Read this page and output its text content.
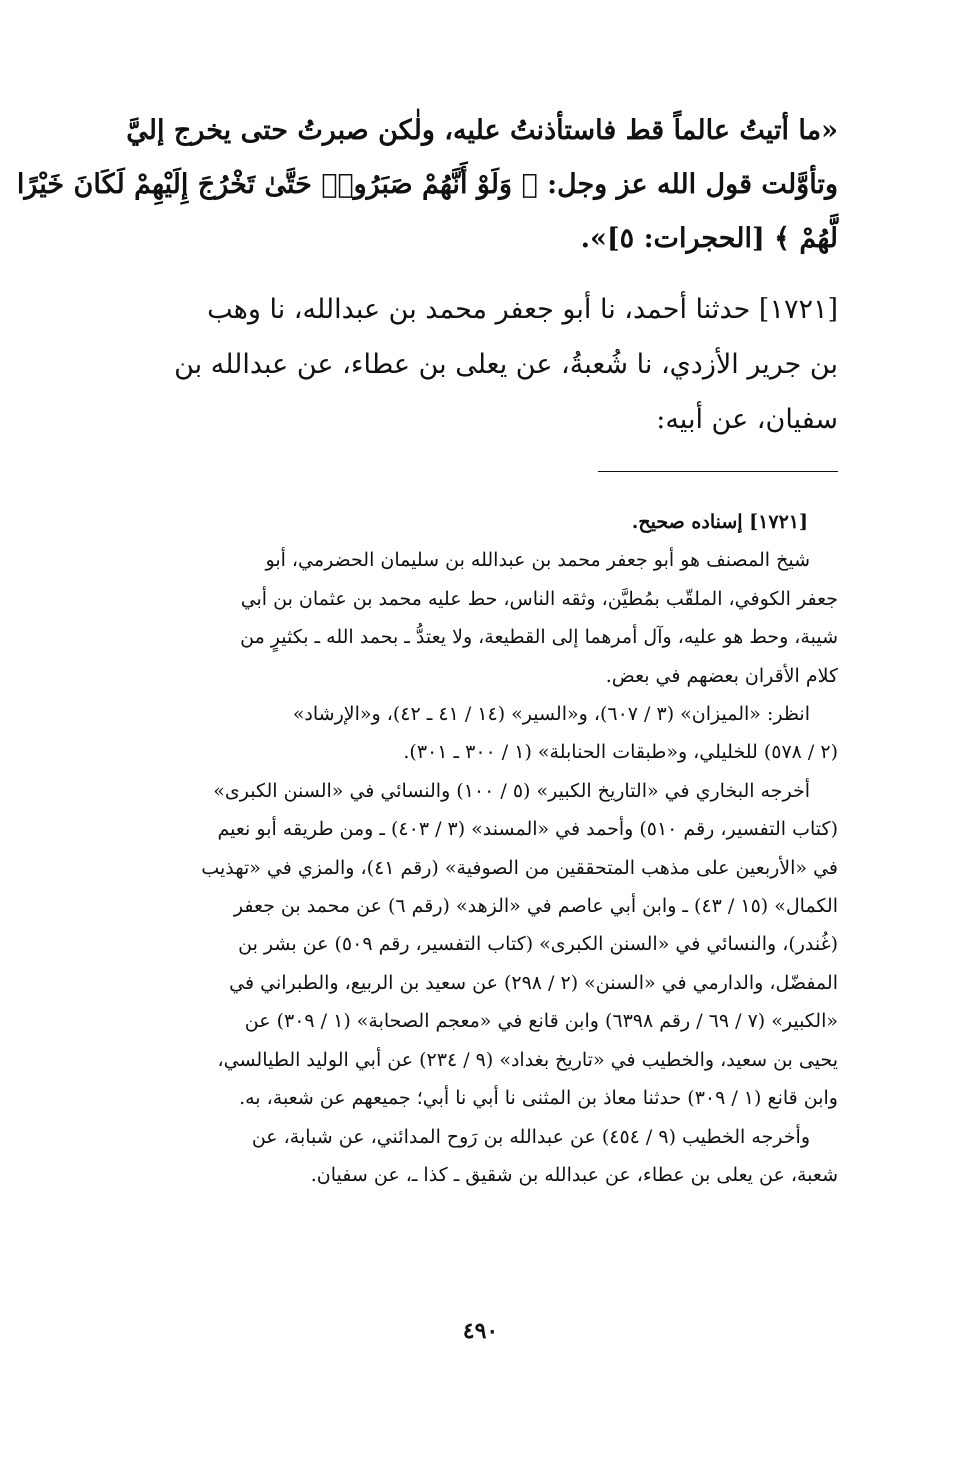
«ما أتيتُ عالماً قط فاستأذنتُ عليه، ولٰكن صبرتُ حتى يخرج إليَّ
وتأوَّلت قول الله عز وجل: ﴿ وَلَوْ أَنَّهُمْ صَبَرُوا۟ حَتَّىٰ تَخْرُجَ إِلَيْهِمْ لَكَانَ خَيْرًا
لَّهُمْ ﴾ [الحجرات: ٥]».
[١٧٢١] حدثنا أحمد، نا أبو جعفر محمد بن عبدالله، نا وهب
بن جرير الأزدي، نا شُعبةُ، عن يعلى بن عطاء، عن عبدالله بن
سفيان، عن أبيه:
[١٧٢١] إسناده صحيح.
شيخ المصنف هو أبو جعفر محمد بن عبدالله بن سليمان الحضرمي، أبو
جعفر الكوفي، الملقّب بمُطيَّن، وثقه الناس، حط عليه محمد بن عثمان بن أبي
شيبة، وحط هو عليه، وآل أمرهما إلى القطيعة، ولا يعتدُّ ـ بحمد الله ـ بكثيرٍ من
كلام الأقران بعضهم في بعض.
انظر: «الميزان» (٣ / ٦٠٧)، و«السير» (١٤ / ٤١ ـ ٤٢)، و«الإرشاد»
(٢ / ٥٧٨) للخليلي، و«طبقات الحنابلة» (١ / ٣٠٠ ـ ٣٠١).
أخرجه البخاري في «التاريخ الكبير» (٥ / ١٠٠) والنسائي في «السنن الكبرى»
(كتاب التفسير، رقم ٥١٠) وأحمد في «المسند» (٣ / ٤٠٣) ـ ومن طريقه أبو نعيم
في «الأربعين على مذهب المتحققين من الصوفية» (رقم ٤١)، والمزي في «تهذيب
الكمال» (١٥ / ٤٣) ـ وابن أبي عاصم في «الزهد» (رقم ٦) عن محمد بن جعفر
(غُندر)، والنسائي في «السنن الكبرى» (كتاب التفسير، رقم ٥٠٩) عن بشر بن
المفضّل، والدارمي في «السنن» (٢ / ٢٩٨) عن سعيد بن الربيع، والطبراني في
«الكبير» (٧ / ٦٩ / رقم ٦٣٩٨) وابن قانع في «معجم الصحابة» (١ / ٣٠٩) عن
يحيى بن سعيد، والخطيب في «تاريخ بغداد» (٩ / ٢٣٤) عن أبي الوليد الطيالسي،
وابن قانع (١ / ٣٠٩) حدثنا معاذ بن المثنى نا أبي نا أبي؛ جميعهم عن شعبة، به.
وأخرجه الخطيب (٩ / ٤٥٤) عن عبدالله بن رَوح المدائني، عن شبابة، عن
شعبة، عن يعلى بن عطاء، عن عبدالله بن شقيق ـ كذا ـ، عن سفيان.
٤٩٠
